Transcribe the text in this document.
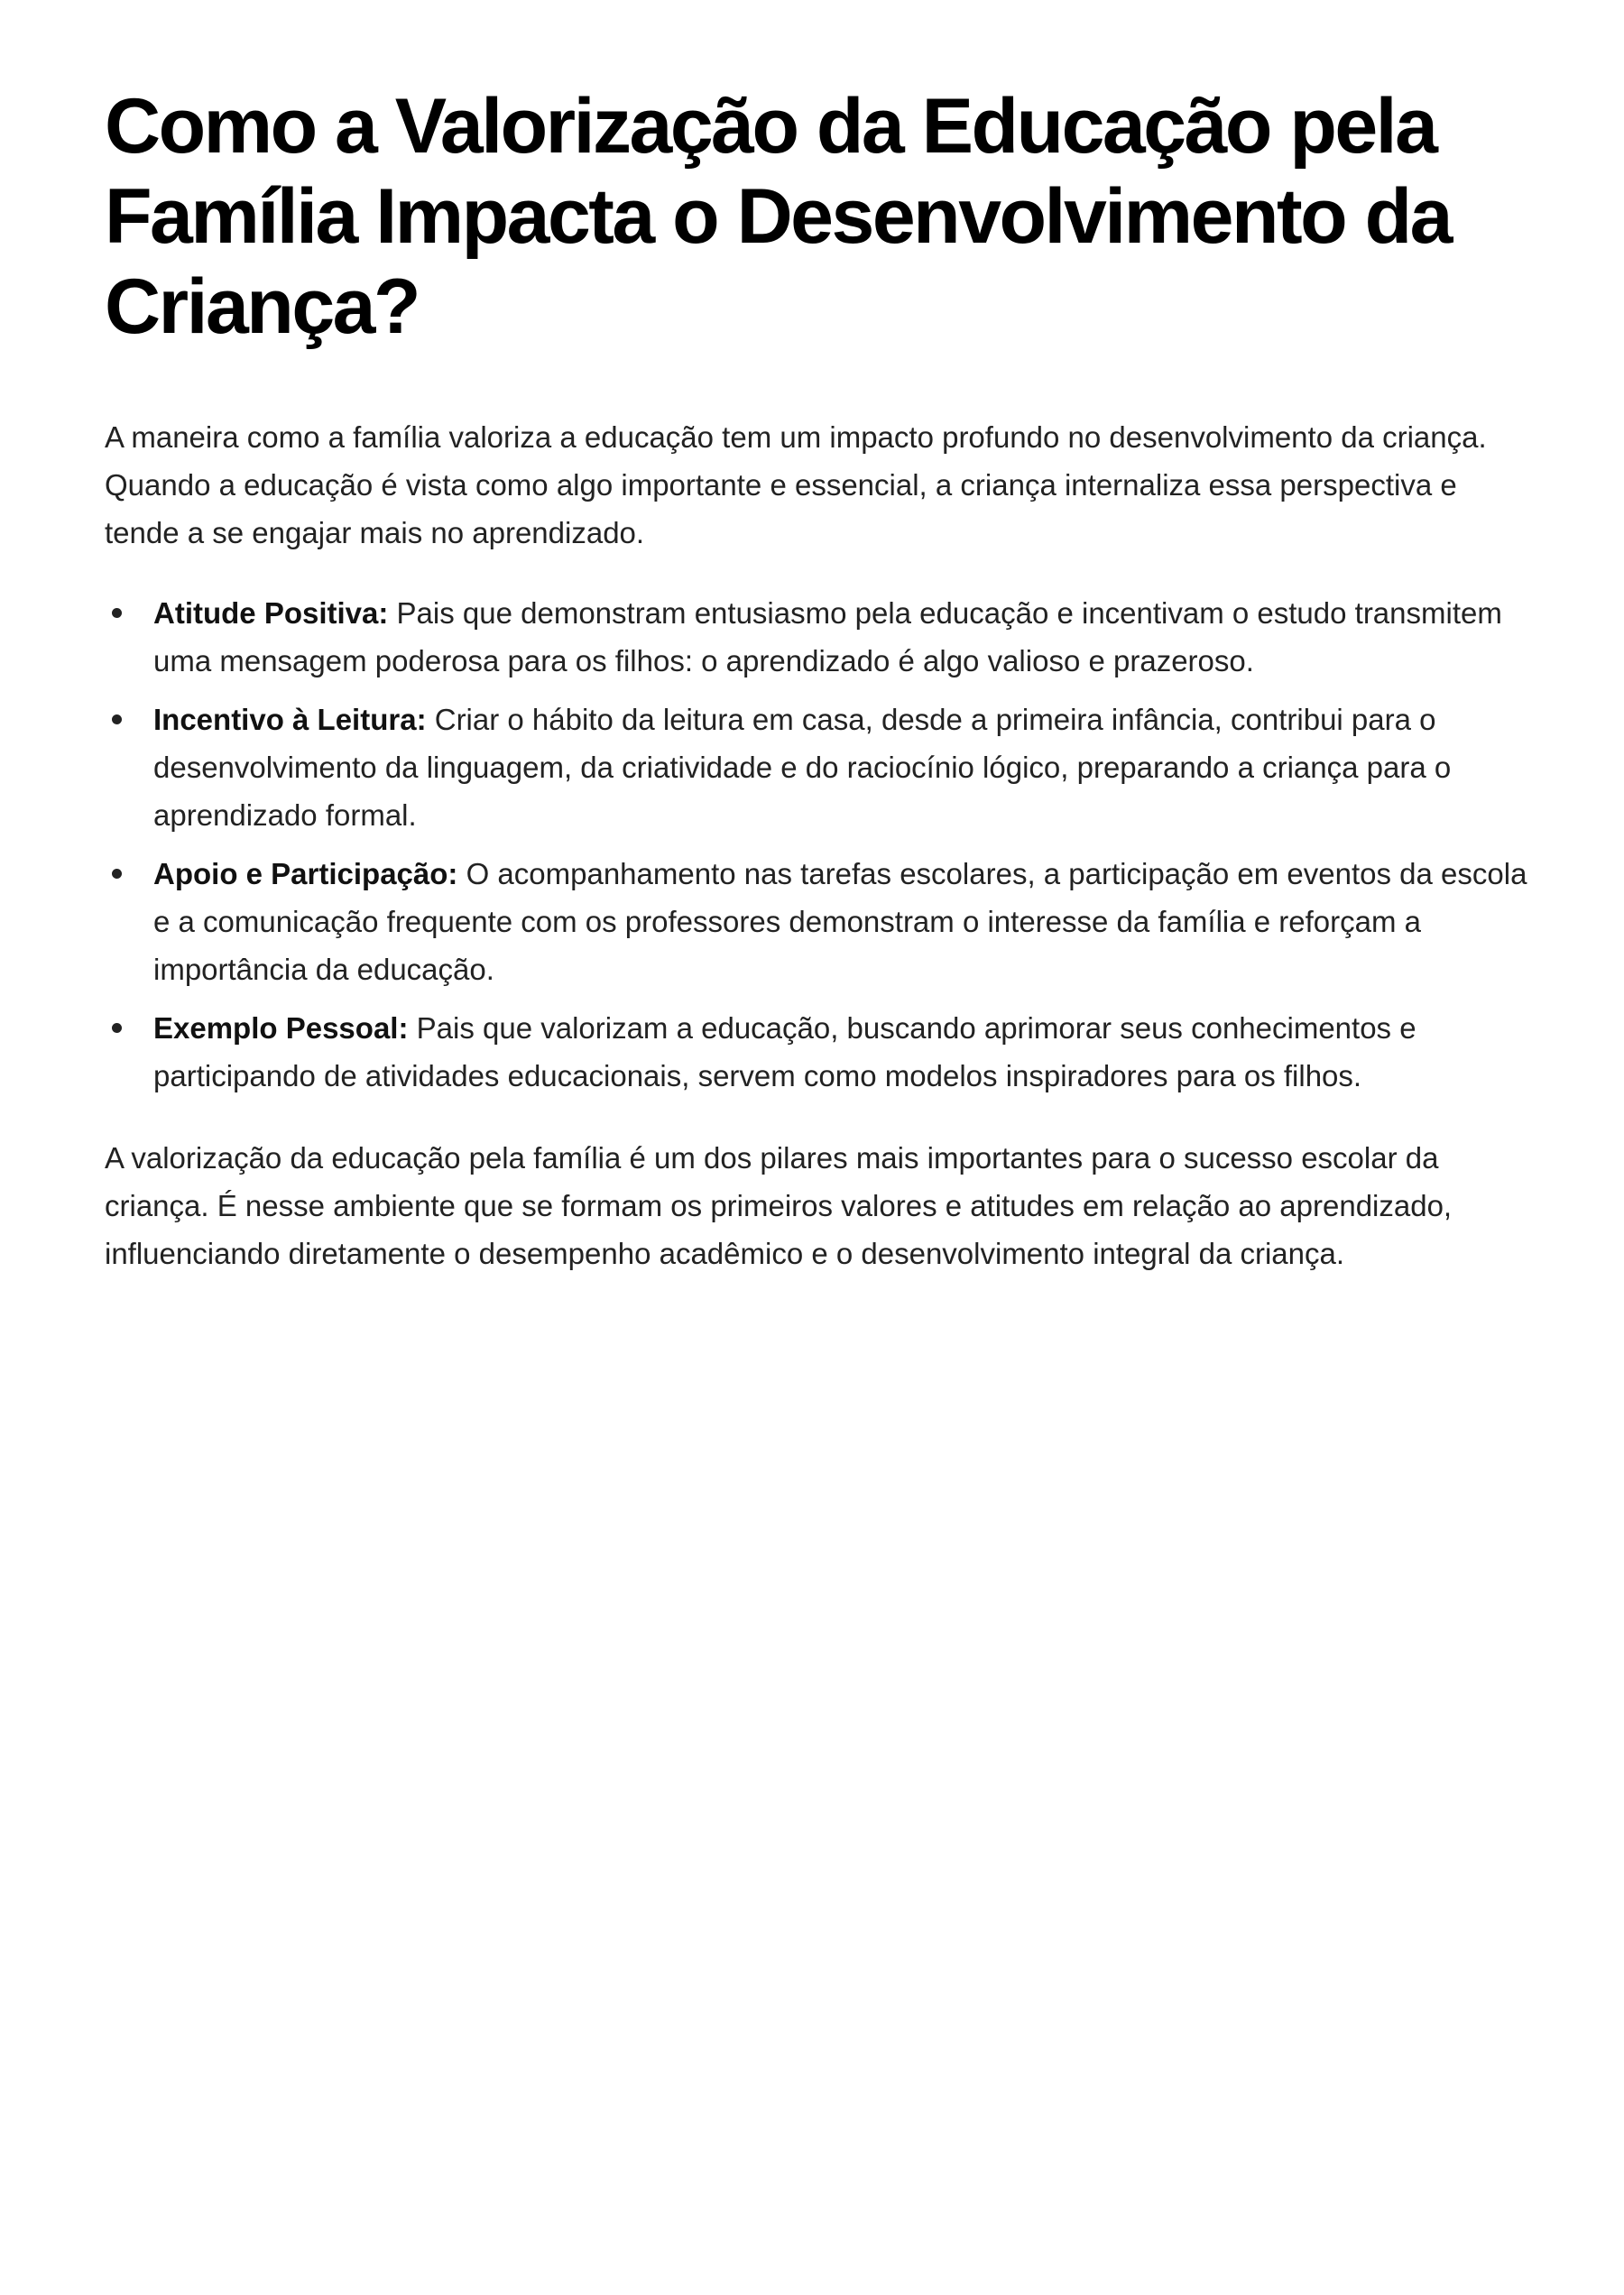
Como a Valorização da Educação pela Família Impacta o Desenvolvimento da Criança?

A maneira como a família valoriza a educação tem um impacto profundo no desenvolvimento da criança. Quando a educação é vista como algo importante e essencial, a criança internaliza essa perspectiva e tende a se engajar mais no aprendizado.

Atitude Positiva: Pais que demonstram entusiasmo pela educação e incentivam o estudo transmitem uma mensagem poderosa para os filhos: o aprendizado é algo valioso e prazeroso.
Incentivo à Leitura: Criar o hábito da leitura em casa, desde a primeira infância, contribui para o desenvolvimento da linguagem, da criatividade e do raciocínio lógico, preparando a criança para o aprendizado formal.
Apoio e Participação: O acompanhamento nas tarefas escolares, a participação em eventos da escola e a comunicação frequente com os professores demonstram o interesse da família e reforçam a importância da educação.
Exemplo Pessoal: Pais que valorizam a educação, buscando aprimorar seus conhecimentos e participando de atividades educacionais, servem como modelos inspiradores para os filhos.

A valorização da educação pela família é um dos pilares mais importantes para o sucesso escolar da criança. É nesse ambiente que se formam os primeiros valores e atitudes em relação ao aprendizado, influenciando diretamente o desempenho acadêmico e o desenvolvimento integral da criança.
